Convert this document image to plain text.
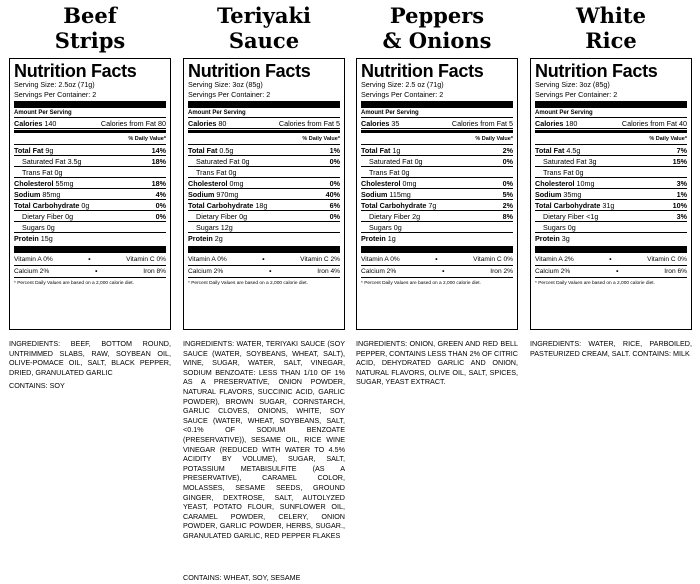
Beef
Strips
Nutrition Facts
Serving Size: 2.5oz (71g)
Servings Per Container: 2
Amount Per Serving
Calories 140	Calories from Fat 80
% Daily Value*
Total Fat 9g	14%
Saturated Fat 3.5g	18%
Trans Fat 0g
Cholesterol 55mg	18%
Sodium 85mg	4%
Total Carbohydrate 0g	0%
Dietary Fiber 0g	0%
Sugars 0g
Protein 15g
Vitamin A 0%	•	Vitamin C 0%
Calcium 2%	•	Iron 8%
* Percent Daily Values are based on a 2,000 calorie diet.
INGREDIENTS: BEEF, BOTTOM ROUND, UNTRIMMED SLABS, RAW, SOYBEAN OIL, OLIVE-POMACE OIL, SALT, BLACK PEPPER, DRIED, GRANULATED GARLIC
CONTAINS: SOY
Teriyaki
Sauce
Nutrition Facts
Serving Size: 3oz (85g)
Servings Per Container: 2
Amount Per Serving
Calories 80	Calories from Fat 5
% Daily Value*
Total Fat 0.5g	1%
Saturated Fat 0g	0%
Trans Fat 0g
Cholesterol 0mg	0%
Sodium 970mg	40%
Total Carbohydrate 18g	6%
Dietary Fiber 0g	0%
Sugars 12g
Protein 2g
Vitamin A 0%	•	Vitamin C 2%
Calcium 2%	•	Iron 4%
* Percent Daily Values are based on a 2,000 calorie diet.
INGREDIENTS: WATER, TERIYAKI SAUCE (SOY SAUCE (WATER, SOYBEANS, WHEAT, SALT), WINE, SUGAR, WATER, SALT, VINEGAR, SODIUM BENZOATE: LESS THAN 1/10 OF 1% AS A PRESERVATIVE, ONION POWDER, NATURAL FLAVORS, SUCCINIC ACID, GARLIC POWDER), BROWN SUGAR, CORNSTARCH, GARLIC CLOVES, ONIONS, WHITE, SOY SAUCE (WATER, WHEAT, SOYBEANS, SALT, <0.1% OF SODIUM BENZOATE (PRESERVATIVE)), SESAME OIL, RICE WINE VINEGAR (REDUCED WITH WATER TO 4.5% ACIDITY BY VOLUME), SUGAR, SALT, POTASSIUM METABISULFITE (AS A PRESERVATIVE), CARAMEL COLOR, MOLASSES, SESAME SEEDS, GROUND GINGER, DEXTROSE, SALT, AUTOLYZED YEAST, POTATO FLOUR, SUNFLOWER OIL, CARAMEL POWDER, CELERY, ONION POWDER, GARLIC POWDER, HERBS, SUGAR., GRANULATED GARLIC, RED PEPPER FLAKES
CONTAINS: WHEAT, SOY, SESAME
Peppers
& Onions
Nutrition Facts
Serving Size: 2.5 oz (71g)
Servings Per Container: 2
Amount Per Serving
Calories 35	Calories from Fat 5
% Daily Value*
Total Fat 1g	2%
Saturated Fat 0g	0%
Trans Fat 0g
Cholesterol 0mg	0%
Sodium 115mg	5%
Total Carbohydrate 7g	2%
Dietary Fiber 2g	8%
Sugars 0g
Protein 1g
Vitamin A 0%	•	Vitamin C 0%
Calcium 2%	•	Iron 2%
* Percent Daily Values are based on a 2,000 calorie diet.
INGREDIENTS: ONION, GREEN AND RED BELL PEPPER, CONTAINS LESS THAN 2% OF CITRIC ACID, DEHYDRATED GARLIC AND ONION, NATURAL FLAVORS, OLIVE OIL, SALT, SPICES, SUGAR, YEAST EXTRACT.
White
Rice
Nutrition Facts
Serving Size: 3oz (85g)
Servings Per Container: 2
Amount Per Serving
Calories 180	Calories from Fat 40
% Daily Value*
Total Fat 4.5g	7%
Saturated Fat 3g	15%
Trans Fat 0g
Cholesterol 10mg	3%
Sodium 35mg	1%
Total Carbohydrate 31g	10%
Dietary Fiber <1g	3%
Sugars 0g
Protein 3g
Vitamin A 2%	•	Vitamin C 0%
Calcium 2%	•	Iron 6%
* Percent Daily Values are based on a 2,000 calorie diet.
INGREDIENTS: WATER, RICE, PARBOILED, PASTEURIZED CREAM, SALT. CONTAINS: MILK
